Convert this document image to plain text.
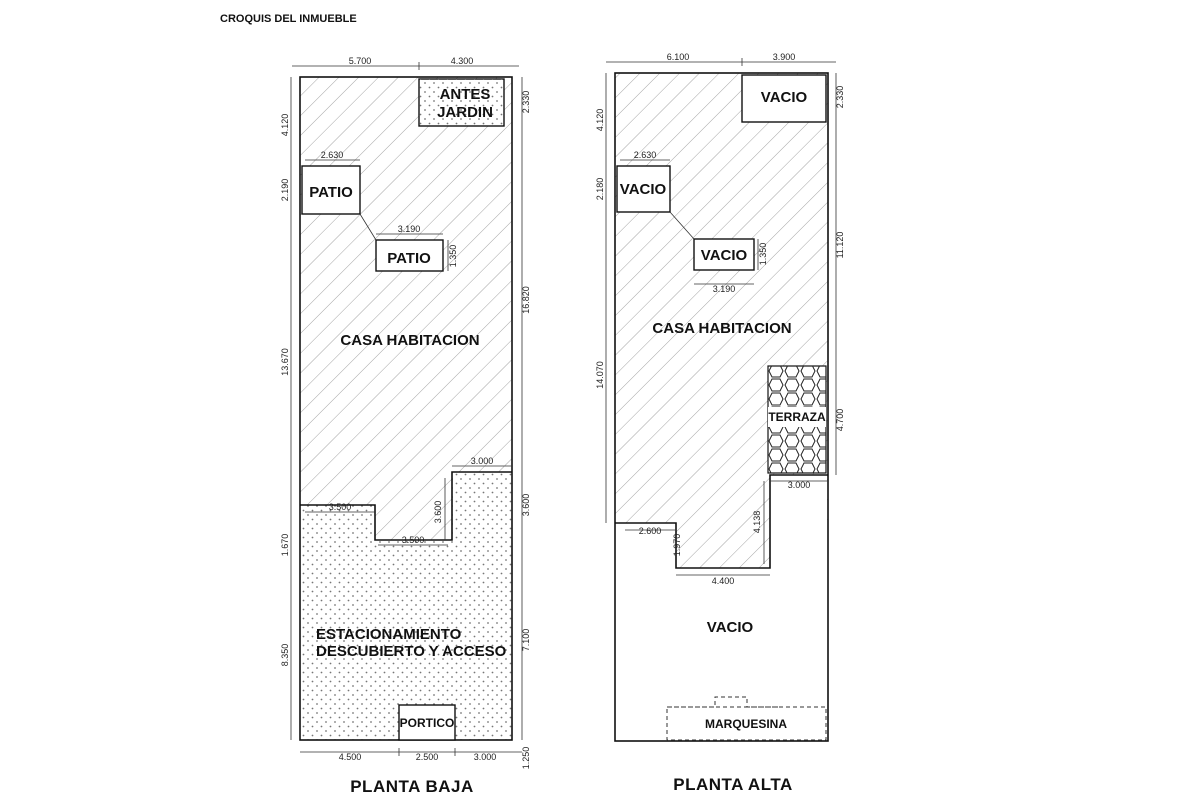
CROQUIS DEL INMUEBLE
ANTES
JARDIN
PATIO
PATIO
PORTICO
CASA HABITACION
ESTACIONAMIENTO
DESCUBIERTO Y ACCESO
5.700	4.300
4.120
2.190
13.670
1.670
8.350
2.330
16.820
3.600
7.100
1.250
2.630
3.190
1.350
3.000
3.500
3.500
3.600
4.500	2.500	3.000
PLANTA BAJA
VACIO
VACIO
VACIO
TERRAZA
CASA HABITACION
VACIO
MARQUESINA
6.100	3.900
4.120
2.180
14.070
2.330
11.120
4.700
2.630
1.350
3.190
3.000
4.138
2.600
1.970
4.400
PLANTA ALTA
